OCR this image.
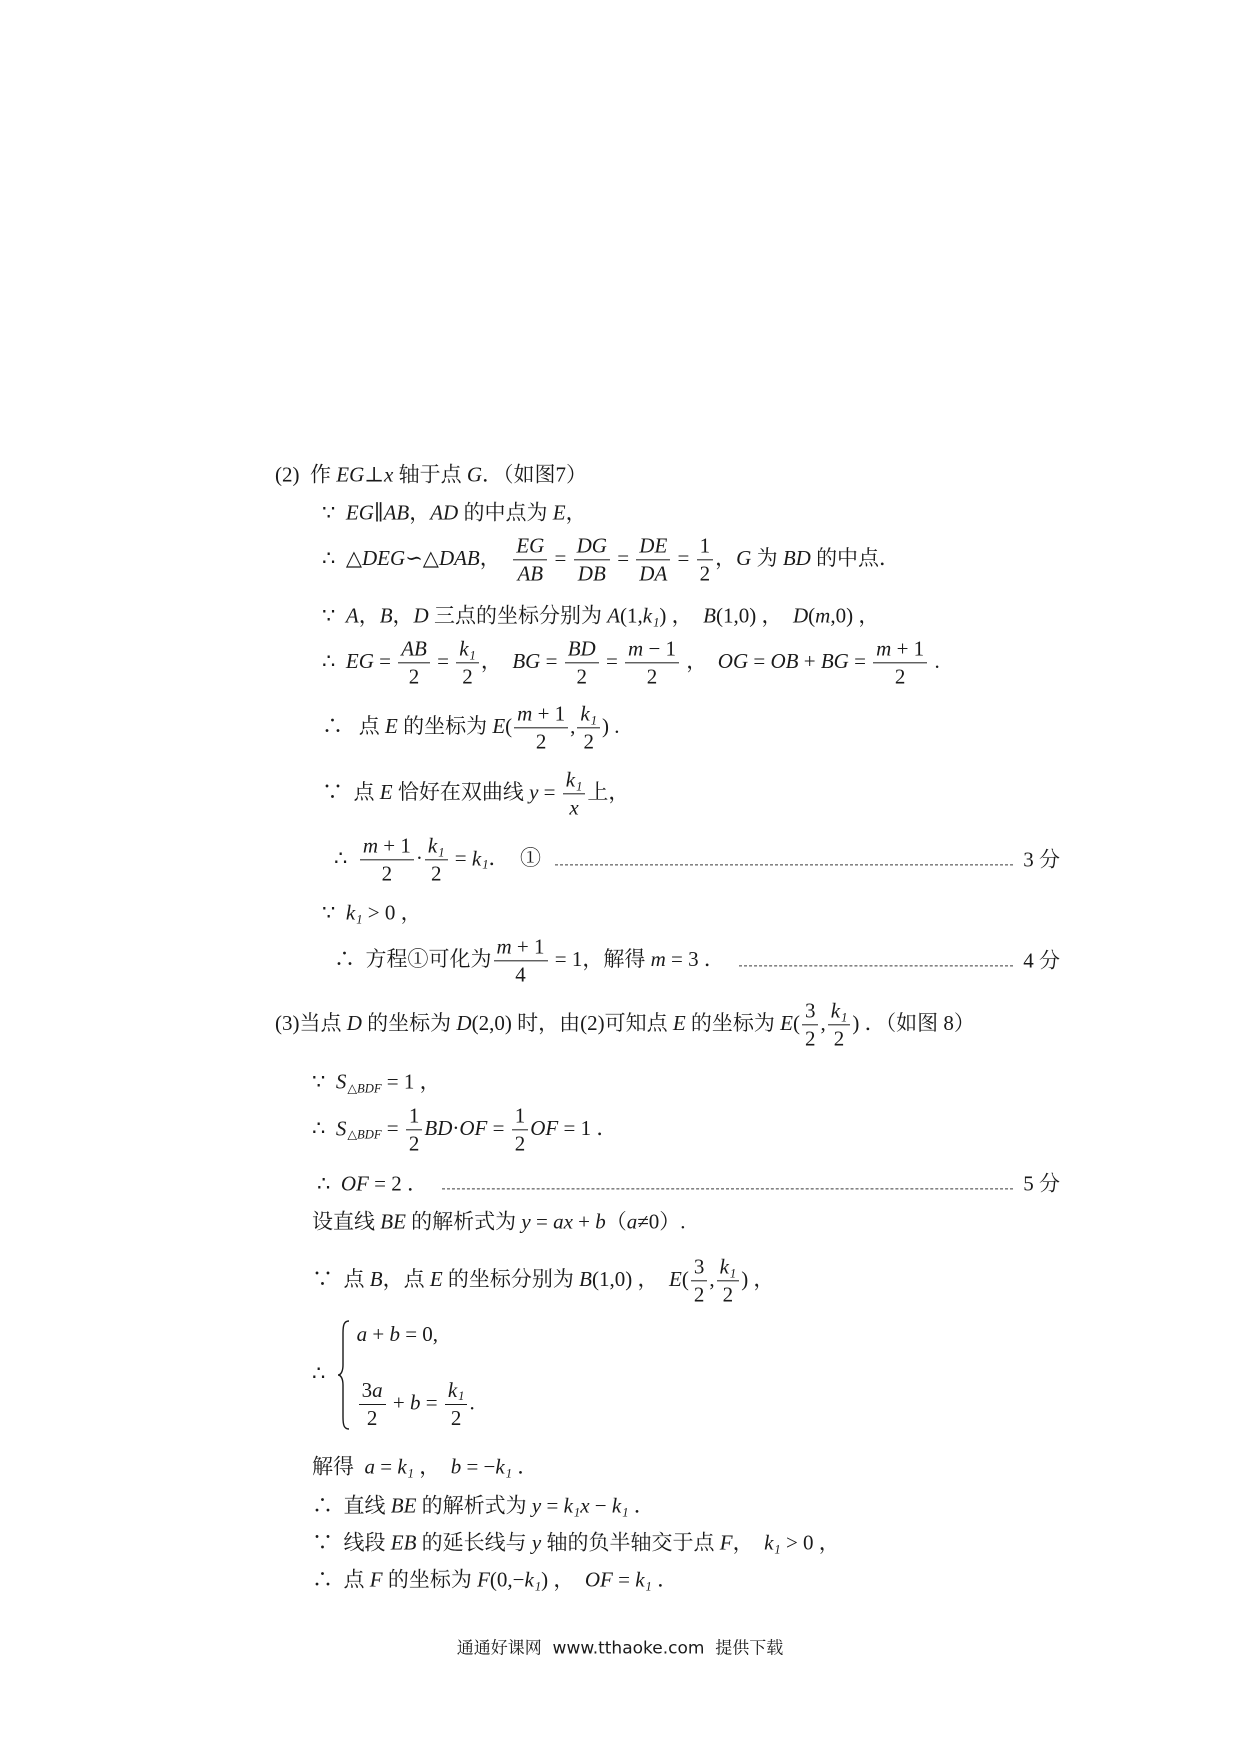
(2)  作 EG⊥x 轴于点 G．（如图7）
∵  EG∥AB，AD 的中点为 E，
∴  △DEG∽△DAB， $\frac{EG}{AB} = \frac{DG}{DB} = \frac{DE}{DA} = \frac{1}{2}$ ，G 为 BD 的中点．
∵  A，B，D 三点的坐标分别为 $A(1,k_1)$ ，  B(1,0) ，  D(m,0) ，
∴  EG = $\frac{AB}{2} = \frac{k_1}{2}$ ，  BG = $\frac{BD}{2} = \frac{m - 1}{2}$ ，  OG = OB + BG = $\frac{m + 1}{2}$ .
∴   点 E 的坐标为 $E( \frac{m + 1}{2}$ , $\frac{k_1}{2}$ ) .
∵  点 E 恰好在双曲线 $y = \frac{k_1}{x}$ 上，
∴ $\frac{m + 1}{2} \cdot \frac{k_1}{2} = k_1$．  ①	3 分
∵  $k_1 > 0$ ，
∴  方程①可化为 $\frac{m + 1}{4} = 1$，解得 m = 3 ．	4 分
(3)当点 D 的坐标为 D(2,0) 时，由(2)可知点 E 的坐标为 $E( \frac{3}{2}$ , $\frac{k_1}{2}$ ) ．（如图 8）
∵  $S_{\triangle BDF} = 1$ ，
∴  $S_{\triangle BDF} = \frac{1}{2} BD\cdot OF = \frac{1}{2}$ OF = 1 ．
∴  OF = 2 ．	5 分
设直线 BE 的解析式为 y = ax + b（a≠0）.
∵  点 B，点 E 的坐标分别为 B(1,0) ，  $E( \frac{3}{2}$ , $\frac{k_1}{2}$ ) ，
∴
a + b = 0,
$\frac{3a}{2} + b = \frac{k_1}{2}$ .
解得  $a = k_1$ ，  $b = -k_1$ ．
∴  直线 BE 的解析式为 $y = k_1x - k_1$ ．
∵  线段 EB 的延长线与 y 轴的负半轴交于点 F，  $k_1 > 0$ ，
∴  点 F 的坐标为 $F(0,-k_1)$ ，  OF = $k_1$ ．
通通好课网  www.tthaoke.com  提供下载
